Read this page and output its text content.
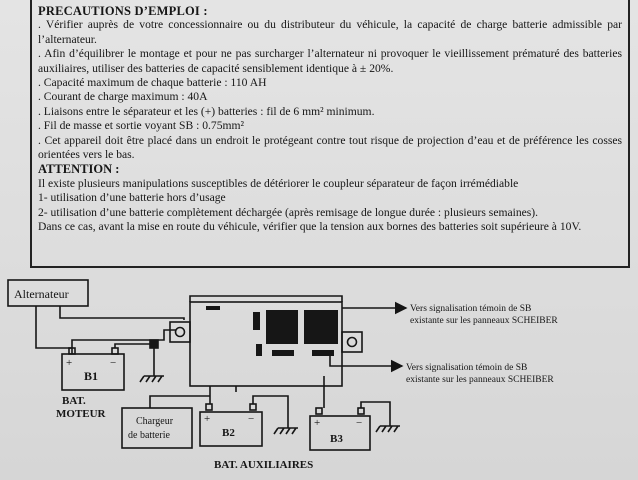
PRECAUTIONS D’EMPLOI :

. Vérifier auprès de votre concessionnaire ou du distributeur du véhicule, la capacité de charge batterie admissible par l’alternateur.

. Afin d’équilibrer le montage et pour ne pas surcharger l’alternateur ni provoquer le vieillissement prématuré des batteries auxiliaires, utiliser des batteries de capacité sensiblement identique à ± 20%.

. Capacité maximum de chaque batterie : 110 AH

. Courant de charge maximum : 40A

. Liaisons entre le séparateur et les (+) batteries : fil de 6 mm² minimum.

. Fil de masse et sortie voyant SB : 0.75mm²

. Cet appareil doit être placé dans un endroit le protégeant contre tout risque de projection d’eau et de préférence les cosses orientées vers le bas.

ATTENTION :

Il existe plusieurs manipulations susceptibles de détériorer le coupleur séparateur de façon irrémédiable

1- utilisation d’une batterie hors d’usage

2- utilisation d’une batterie complètement déchargée (après remisage de longue durée : plusieurs semaines).

Dans ce cas, avant la mise en route du véhicule, vérifier que la tension aux bornes des batteries soit supérieure à 10V.

Alternateur
+	−
B1
BAT.
MOTEUR
Chargeur
de batterie
+	−
B2
+	−
B3
BAT. AUXILIAIRES
Vers signalisation témoin de SB
existante sur les panneaux SCHEIBER
Vers signalisation témoin de SB
existante sur les panneaux SCHEIBER
